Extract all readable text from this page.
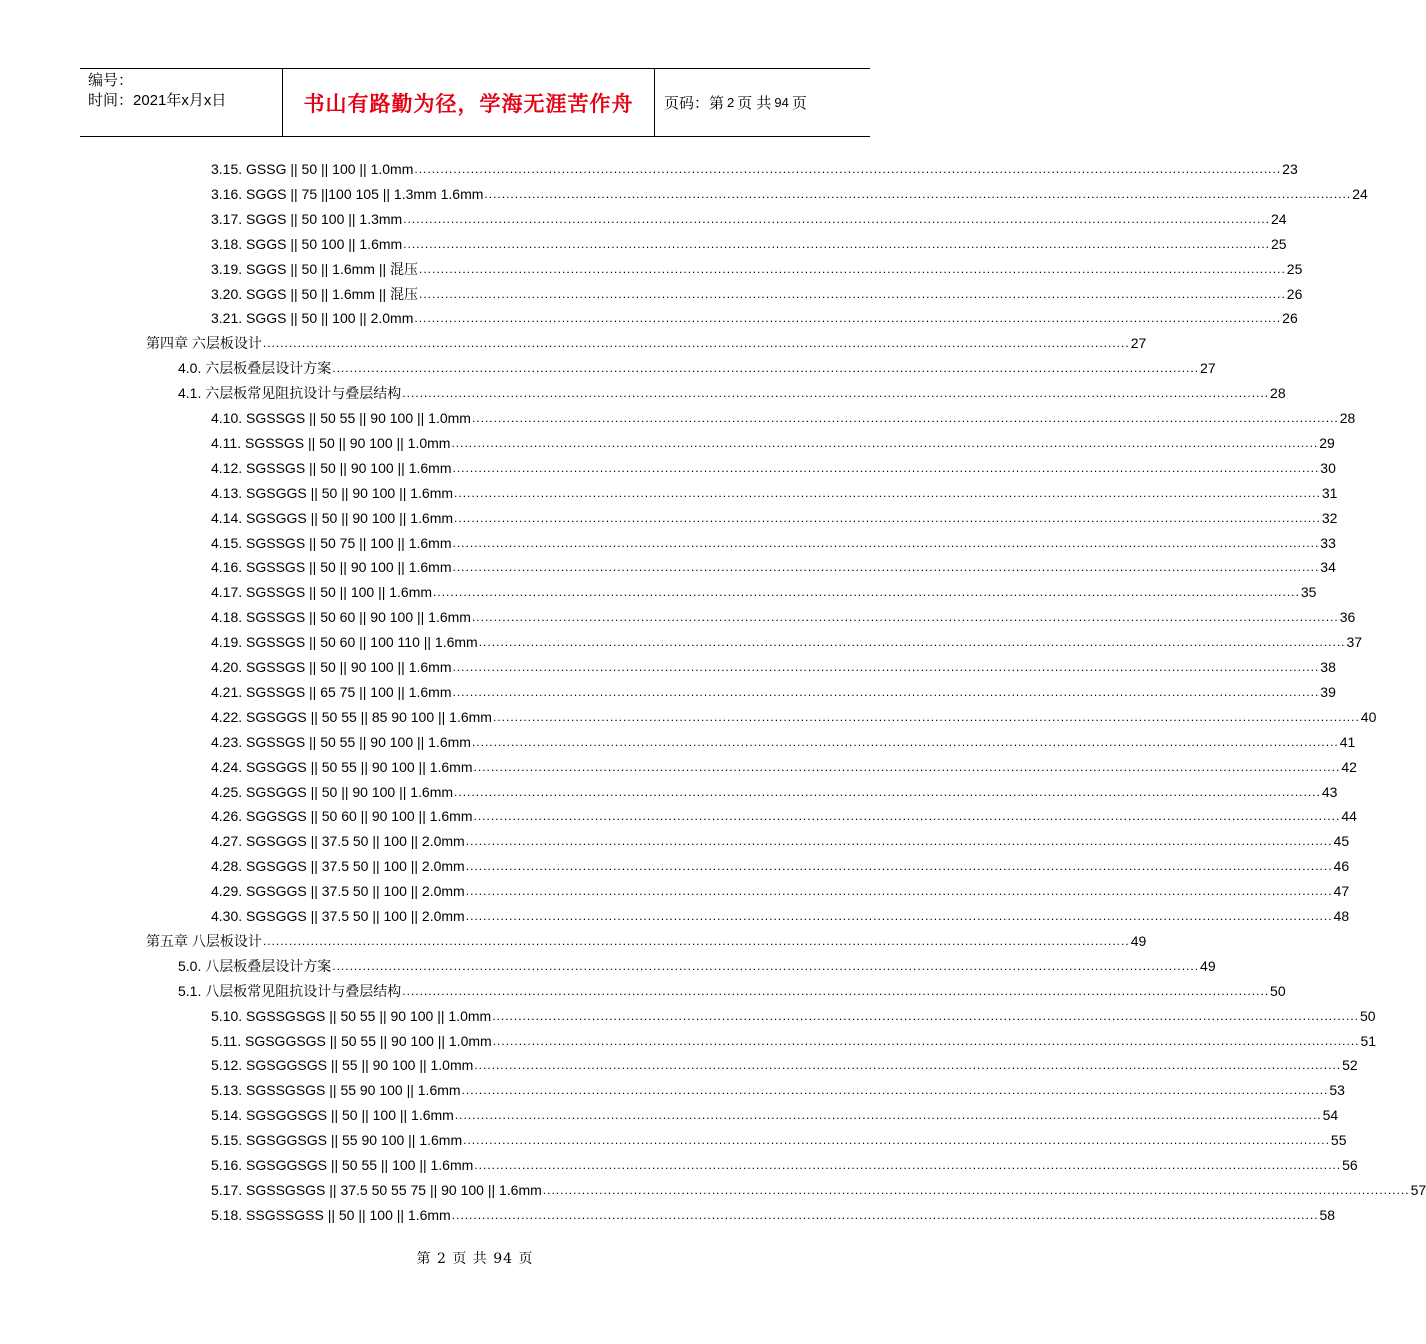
编号：
时间：2021年x月x日	书山有路勤为径，学海无涯苦作舟	页码：第 2 页 共 94 页
3.15. GSSG || 50 || 100 || 1.0mm ........................................................................................................................................................................................................ 23
3.16. SGGS || 75 ||100 105 || 1.3mm 1.6mm ........................................................................................................................................................................................................ 24
3.17. SGGS || 50 100 || 1.3mm ........................................................................................................................................................................................................ 24
3.18. SGGS || 50 100 || 1.6mm ........................................................................................................................................................................................................ 25
3.19. SGGS || 50 || 1.6mm || 混压 ........................................................................................................................................................................................................ 25
3.20. SGGS || 50 || 1.6mm || 混压 ........................................................................................................................................................................................................ 26
3.21. SGGS || 50 || 100 || 2.0mm ........................................................................................................................................................................................................ 26
第四章 六层板设计 ........................................................................................................................................................................................................ 27
4.0. 六层板叠层设计方案 ........................................................................................................................................................................................................ 27
4.1. 六层板常见阻抗设计与叠层结构 ........................................................................................................................................................................................................ 28
4.10. SGSSGS || 50 55 || 90 100 || 1.0mm ........................................................................................................................................................................................................ 28
4.11. SGSSGS || 50 || 90 100 || 1.0mm ........................................................................................................................................................................................................ 29
4.12. SGSSGS || 50 || 90 100 || 1.6mm ........................................................................................................................................................................................................ 30
4.13. SGSGGS || 50 || 90 100 || 1.6mm ........................................................................................................................................................................................................ 31
4.14. SGSGGS || 50 || 90 100 || 1.6mm ........................................................................................................................................................................................................ 32
4.15. SGSSGS || 50 75 || 100 || 1.6mm ........................................................................................................................................................................................................ 33
4.16. SGSSGS || 50 || 90 100 || 1.6mm ........................................................................................................................................................................................................ 34
4.17. SGSSGS || 50 || 100 || 1.6mm ........................................................................................................................................................................................................ 35
4.18. SGSSGS || 50 60 || 90 100 || 1.6mm ........................................................................................................................................................................................................ 36
4.19. SGSSGS || 50 60 || 100 110 || 1.6mm ........................................................................................................................................................................................................ 37
4.20. SGSSGS || 50 || 90 100 || 1.6mm ........................................................................................................................................................................................................ 38
4.21. SGSSGS || 65 75 || 100 || 1.6mm ........................................................................................................................................................................................................ 39
4.22. SGSGGS || 50 55 || 85 90 100 || 1.6mm ........................................................................................................................................................................................................ 40
4.23. SGSSGS || 50 55 || 90 100 || 1.6mm ........................................................................................................................................................................................................ 41
4.24. SGSGGS || 50 55 || 90 100 || 1.6mm ........................................................................................................................................................................................................ 42
4.25. SGSGGS || 50 || 90 100 || 1.6mm ........................................................................................................................................................................................................ 43
4.26. SGGSGS || 50 60 || 90 100 || 1.6mm ........................................................................................................................................................................................................ 44
4.27. SGSGGS || 37.5 50 || 100 || 2.0mm ........................................................................................................................................................................................................ 45
4.28. SGSGGS || 37.5 50 || 100 || 2.0mm ........................................................................................................................................................................................................ 46
4.29. SGSGGS || 37.5 50 || 100 || 2.0mm ........................................................................................................................................................................................................ 47
4.30. SGSGGS || 37.5 50 || 100 || 2.0mm ........................................................................................................................................................................................................ 48
第五章 八层板设计 ........................................................................................................................................................................................................ 49
5.0. 八层板叠层设计方案 ........................................................................................................................................................................................................ 49
5.1. 八层板常见阻抗设计与叠层结构 ........................................................................................................................................................................................................ 50
5.10. SGSSGSGS || 50 55 || 90 100 || 1.0mm ........................................................................................................................................................................................................ 50
5.11. SGSGGSGS || 50 55 || 90 100 || 1.0mm ........................................................................................................................................................................................................ 51
5.12. SGSGGSGS || 55 || 90 100 || 1.0mm ........................................................................................................................................................................................................ 52
5.13. SGSSGSGS || 55 90 100 || 1.6mm ........................................................................................................................................................................................................ 53
5.14. SGSGGSGS || 50 || 100 || 1.6mm ........................................................................................................................................................................................................ 54
5.15. SGSGGSGS || 55 90 100 || 1.6mm ........................................................................................................................................................................................................ 55
5.16. SGSGGSGS || 50 55 || 100 || 1.6mm ........................................................................................................................................................................................................ 56
5.17. SGSSGSGS || 37.5 50 55 75 || 90 100 || 1.6mm ........................................................................................................................................................................................................ 57
5.18. SSGSSGSS || 50 || 100 || 1.6mm ........................................................................................................................................................................................................ 58
第 2 页 共 94 页
